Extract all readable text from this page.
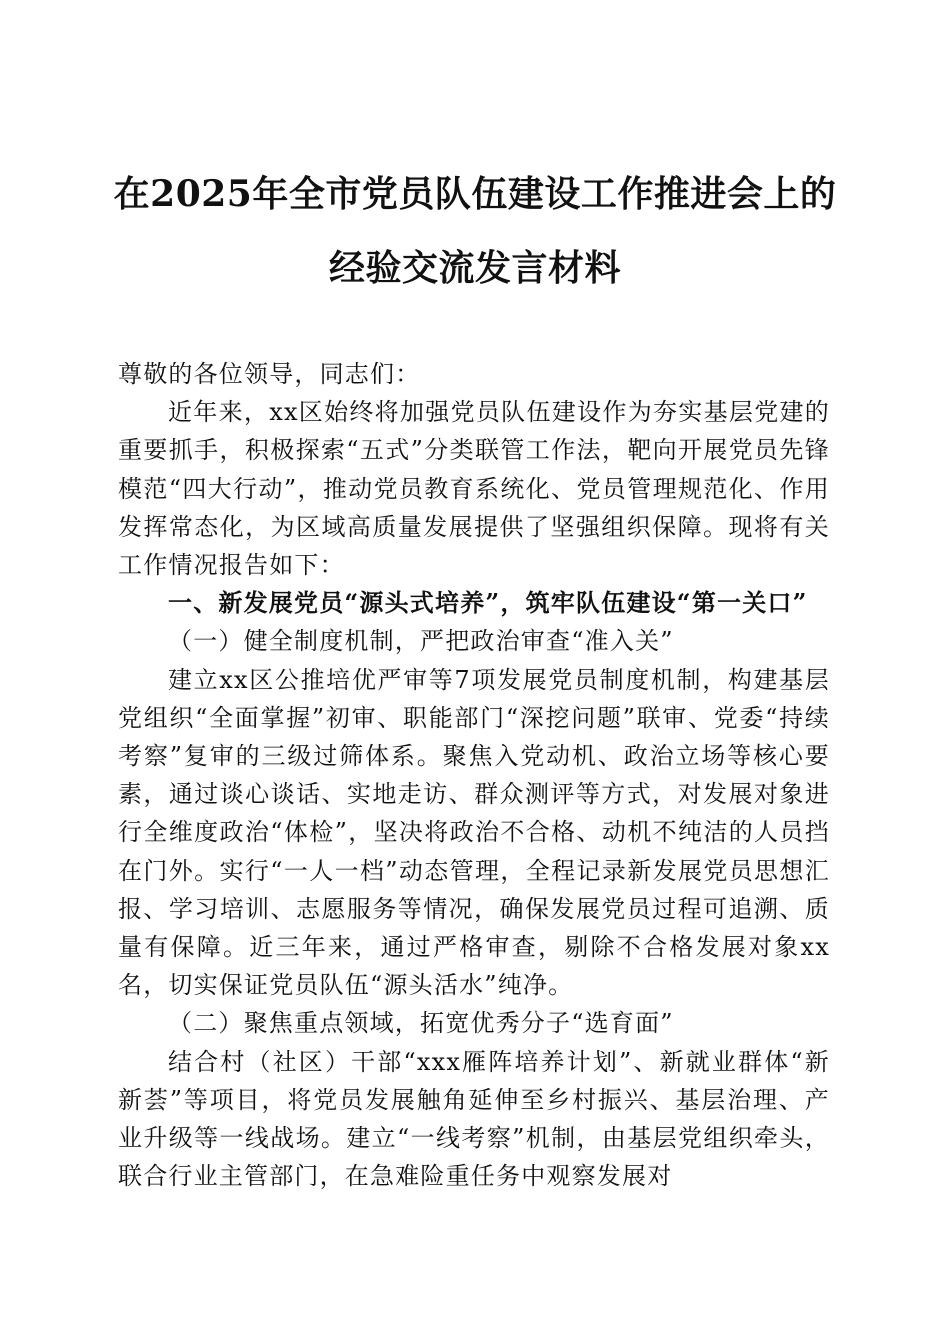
在2025年全市党员队伍建设工作推进会上的
经验交流发言材料

尊敬的各位领导，同志们：

近年来，xx区始终将加强党员队伍建设作为夯实基层党建的重要抓手，积极探索“五式”分类联管工作法，靶向开展党员先锋模范“四大行动”，推动党员教育系统化、党员管理规范化、作用发挥常态化，为区域高质量发展提供了坚强组织保障。现将有关工作情况报告如下：

一、新发展党员“源头式培养”，筑牢队伍建设“第一关口”

（一）健全制度机制，严把政治审查“准入关”

建立xx区公推培优严审等7项发展党员制度机制，构建基层党组织“全面掌握”初审、职能部门“深挖问题”联审、党委“持续考察”复审的三级过筛体系。聚焦入党动机、政治立场等核心要素，通过谈心谈话、实地走访、群众测评等方式，对发展对象进行全维度政治“体检”，坚决将政治不合格、动机不纯洁的人员挡在门外。实行“一人一档”动态管理，全程记录新发展党员思想汇报、学习培训、志愿服务等情况，确保发展党员过程可追溯、质量有保障。近三年来，通过严格审查，剔除不合格发展对象xx名，切实保证党员队伍“源头活水”纯净。

（二）聚焦重点领域，拓宽优秀分子“选育面”

结合村（社区）干部“xxx雁阵培养计划”、新就业群体“新新荟”等项目，将党员发展触角延伸至乡村振兴、基层治理、产业升级等一线战场。建立“一线考察”机制，由基层党组织牵头，联合行业主管部门，在急难险重任务中观察发展对
